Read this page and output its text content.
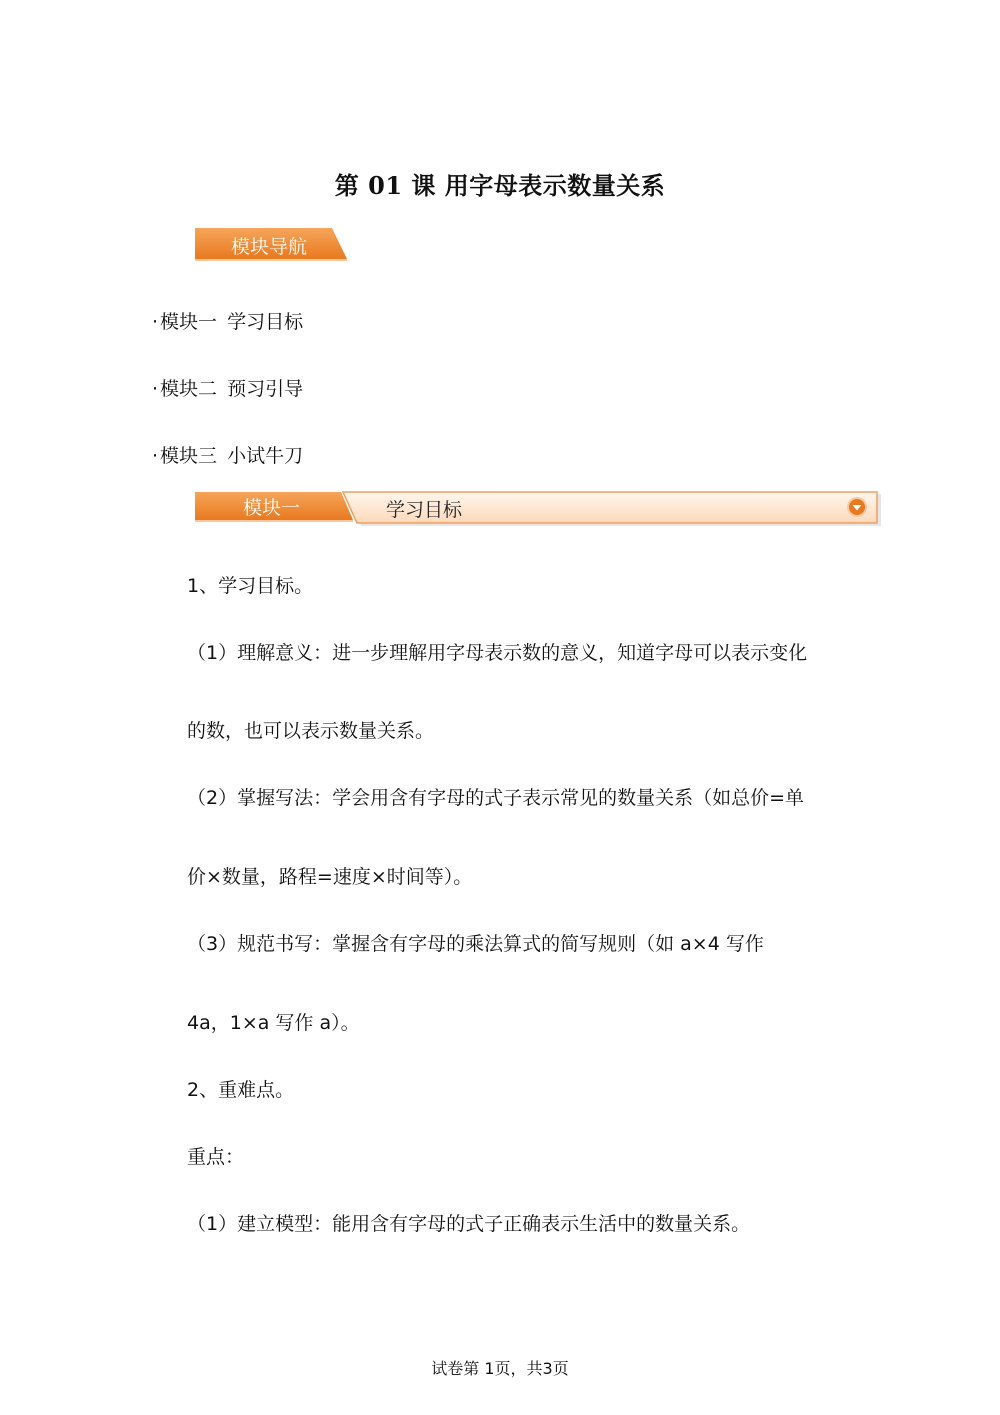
第 01 课 用字母表示数量关系
模块导航
· 模块一 学习目标
· 模块二 预习引导
· 模块三 小试牛刀
模块一	学习目标
1、学习目标。
（1）理解意义：进一步理解用字母表示数的意义，知道字母可以表示变化
的数，也可以表示数量关系。
（2）掌握写法：学会用含有字母的式子表示常见的数量关系（如总价=单
价×数量，路程=速度×时间等）。
（3）规范书写：掌握含有字母的乘法算式的简写规则（如 a×4 写作
4a，1×a 写作 a）。
2、重难点。
重点：
（1）建立模型：能用含有字母的式子正确表示生活中的数量关系。
试卷第 1页，共3页
